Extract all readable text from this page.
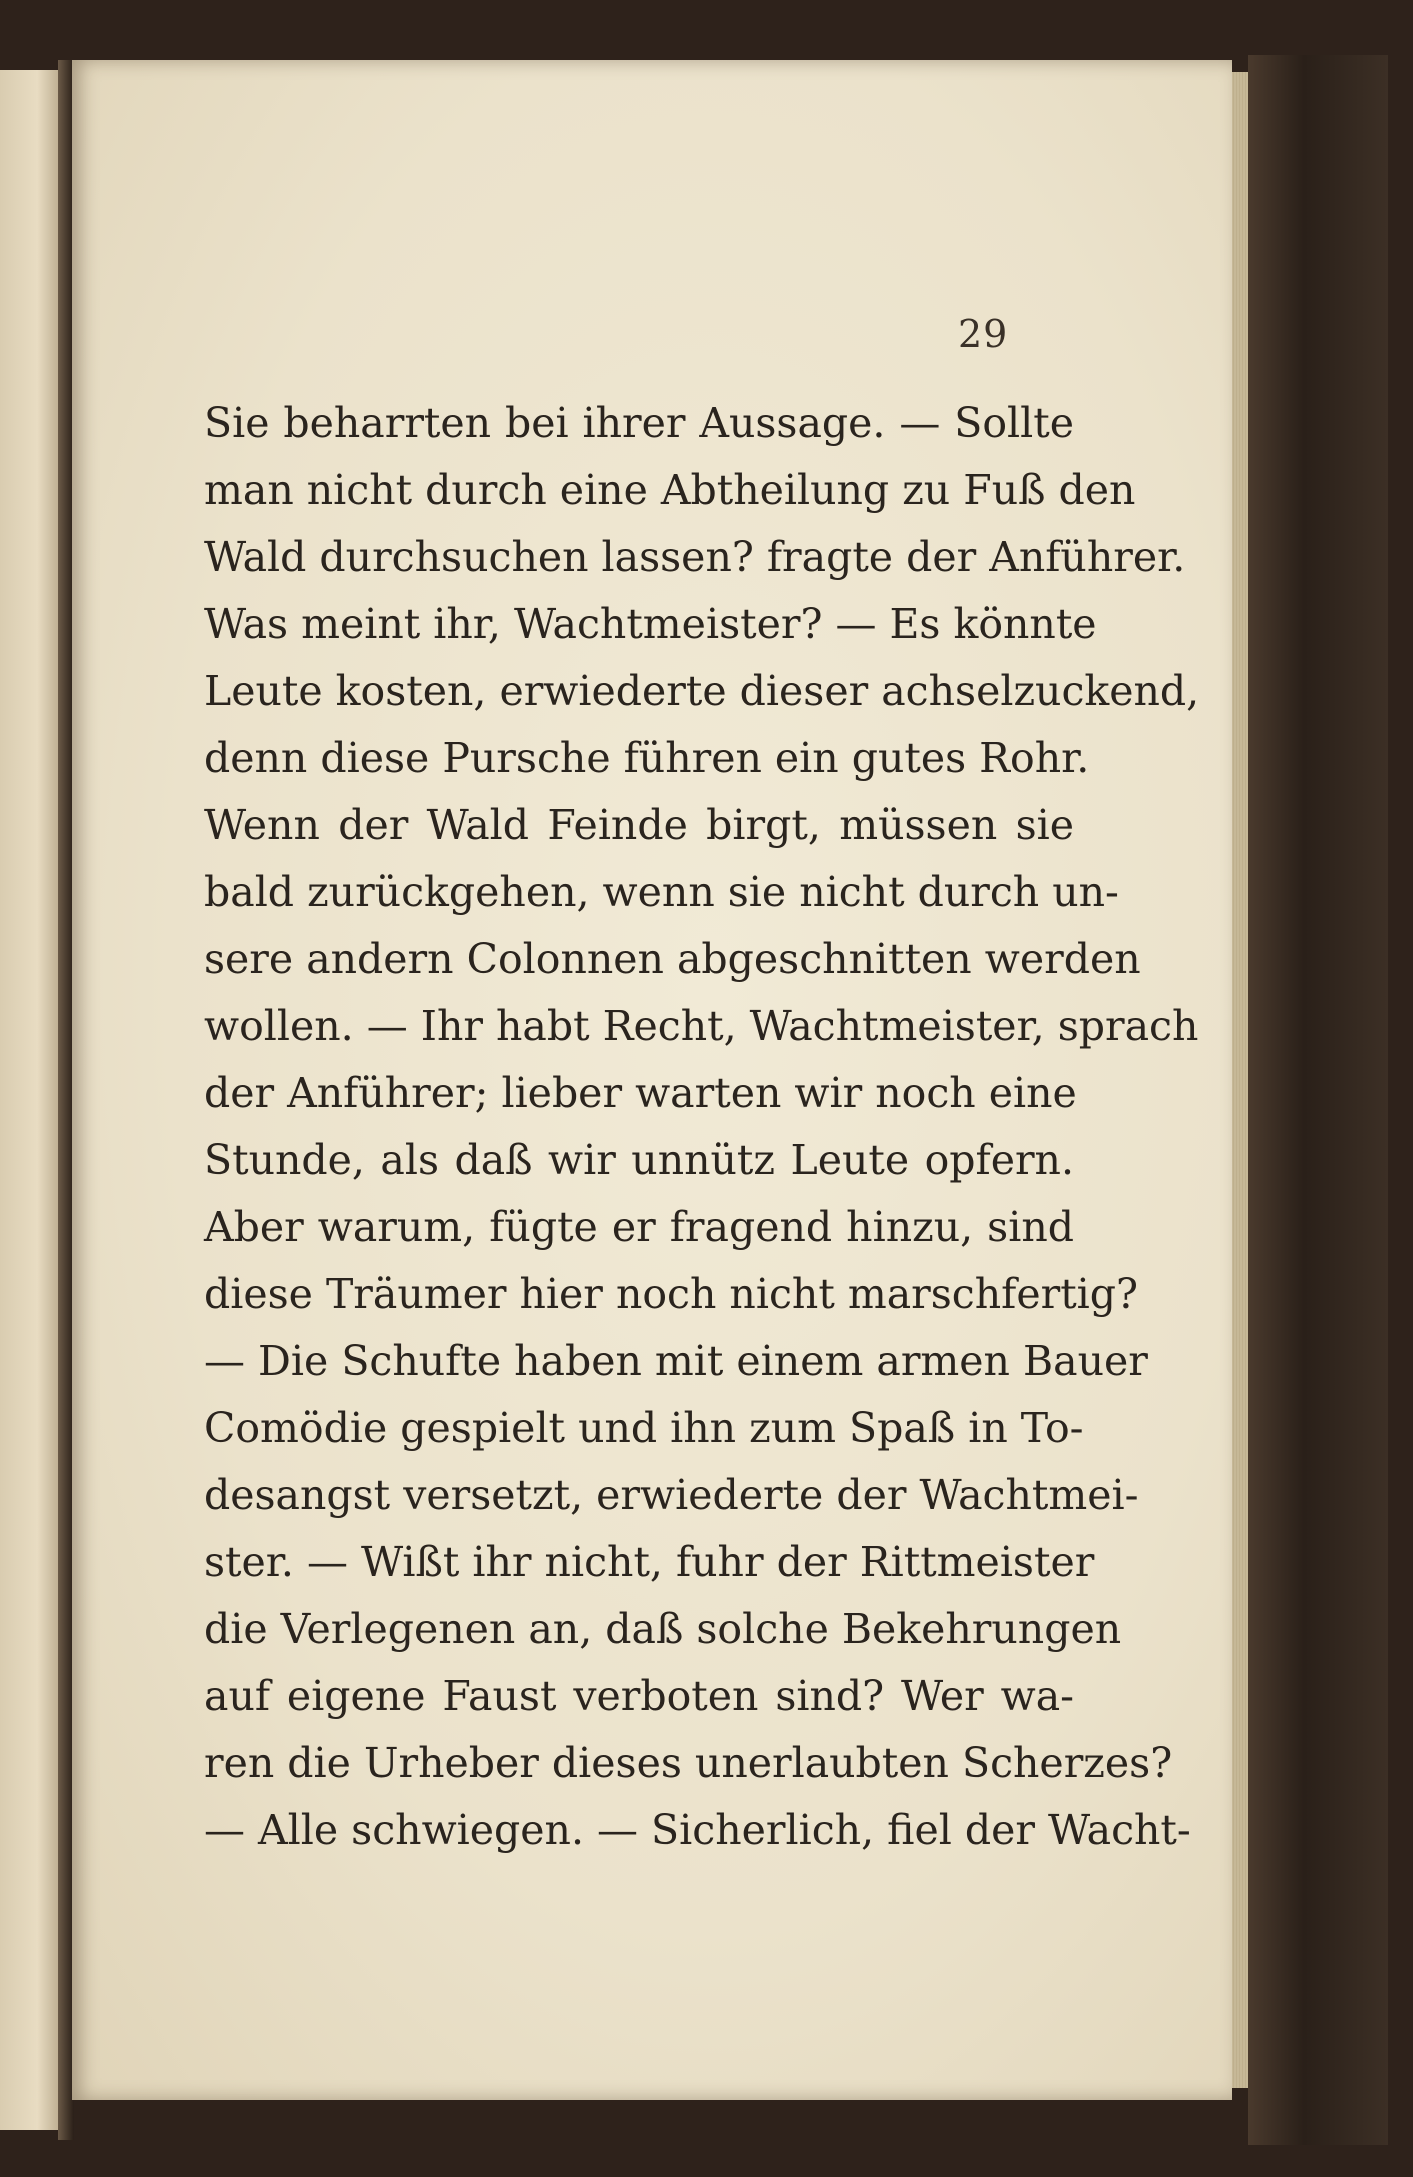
29
Sie beharrten bei ihrer Aussage. — Sollte
man nicht durch eine Abtheilung zu Fuß den
Wald durchsuchen lassen? fragte der Anführer.
Was meint ihr, Wachtmeister? — Es könnte
Leute kosten, erwiederte dieser achselzuckend,
denn diese Pursche führen ein gutes Rohr.
Wenn der Wald Feinde birgt, müssen sie
bald zurückgehen, wenn sie nicht durch un-
sere andern Colonnen abgeschnitten werden
wollen. — Ihr habt Recht, Wachtmeister, sprach
der Anführer; lieber warten wir noch eine
Stunde, als daß wir unnütz Leute opfern.
Aber warum, fügte er fragend hinzu, sind
diese Träumer hier noch nicht marschfertig?
— Die Schufte haben mit einem armen Bauer
Comödie gespielt und ihn zum Spaß in To-
desangst versetzt, erwiederte der Wachtmei-
ster. — Wißt ihr nicht, fuhr der Rittmeister
die Verlegenen an, daß solche Bekehrungen
auf eigene Faust verboten sind? Wer wa-
ren die Urheber dieses unerlaubten Scherzes?
— Alle schwiegen. — Sicherlich, fiel der Wacht-
